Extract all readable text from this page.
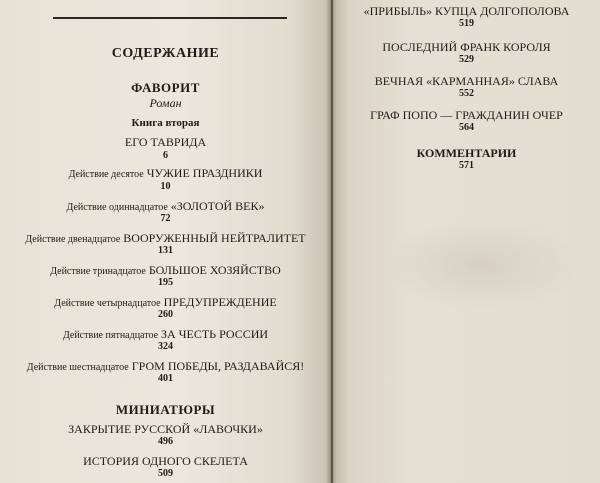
СОДЕРЖАНИЕ
ФАВОРИТ
Роман
Книга вторая
ЕГО ТАВРИДА
6
Действие десятое ЧУЖИЕ ПРАЗДНИКИ
10
Действие одиннадцатое «ЗОЛОТОЙ ВЕК»
72
Действие двенадцатое ВООРУЖЕННЫЙ НЕЙТРАЛИТЕТ
131
Действие тринадцатое БОЛЬШОЕ ХОЗЯЙСТВО
195
Действие четырнадцатое ПРЕДУПРЕЖДЕНИЕ
260
Действие пятнадцатое ЗА ЧЕСТЬ РОССИИ
324
Действие шестнадцатое ГРОМ ПОБЕДЫ, РАЗДАВАЙСЯ!
401
МИНИАТЮРЫ
ЗАКРЫТИЕ РУССКОЙ «ЛАВОЧКИ»
496
ИСТОРИЯ ОДНОГО СКЕЛЕТА
509
«ПРИБЫЛЬ» КУПЦА ДОЛГОПОЛОВА
519
ПОСЛЕДНИЙ ФРАНК КОРОЛЯ
529
ВЕЧНАЯ «КАРМАННАЯ» СЛАВА
552
ГРАФ ПОПО — ГРАЖДАНИН ОЧЕР
564
КОММЕНТАРИИ
571
